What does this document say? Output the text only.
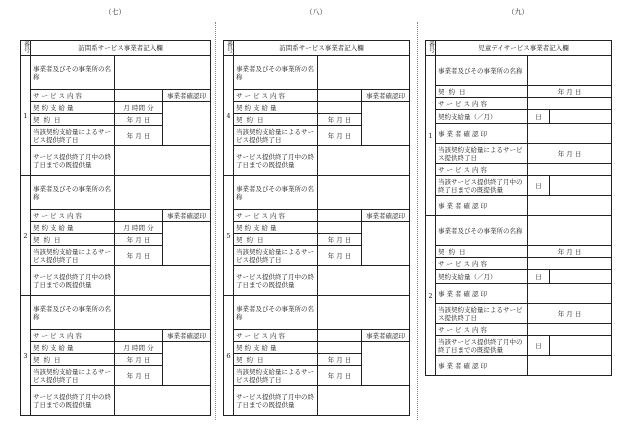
（七）	（八）	（九）
番号	訪問系サービス事業者記入欄		
1	事業者及びその事業所の名称		
	サービス内容		事業者確認印
	契約支給量	月 時間 分	
	契約日	年 月 日	
	当該契約支給量によるサービス提供終了日	年 月 日	
	サービス提供終了月中の終了日までの既提供量		
2	事業者及びその事業所の名称		
	サービス内容		事業者確認印
	契約支給量	月 時間 分	
	契約日	年 月 日	
	当該契約支給量によるサービス提供終了日	年 月 日	
	サービス提供終了月中の終了日までの既提供量		
3	事業者及びその事業所の名称		
	サービス内容		事業者確認印
	契約支給量	月 時間 分	
	契約日	年 月 日	
	当該契約支給量によるサービス提供終了日	年 月 日	
	サービス提供終了月中の終了日までの既提供量		
番号	訪問系サービス事業者記入欄		
4	事業者及びその事業所の名称		
	サービス内容		事業者確認印
	契約支給量		
	契約日	年 月 日	
	当該契約支給量によるサービス提供終了日	年 月 日	
	サービス提供終了月中の終了日までの既提供量		
5	事業者及びその事業所の名称		
	サービス内容		事業者確認印
	契約支給量		
	契約日	年 月 日	
	当該契約支給量によるサービス提供終了日	年 月 日	
	サービス提供終了月中の終了日までの既提供量		
6	事業者及びその事業所の名称		
	サービス内容		事業者確認印
	契約支給量		
	契約日	年 月 日	
	当該契約支給量によるサービス提供終了日	年 月 日	
	サービス提供終了月中の終了日までの既提供量		
番号	児童デイサービス事業者記入欄		
1	事業者及びその事業所の名称		
	契約日	年 月 日	
	サービス内容		
	契約支給量（／月）	日	
	事業者確認印		
	当該契約支給量によるサービス提供終了日	年 月 日	
	サービス内容		
	当該サービス提供終了月中の終了日までの既提供量	日	
	事業者確認印		
2	事業者及びその事業所の名称		
	契約日	年 月 日	
	サービス内容		
	契約支給量（／月）	日	
	事業者確認印		
	当該契約支給量によるサービス提供終了日	年 月 日	
	サービス内容		
	当該サービス提供終了月中の終了日までの既提供量	日	
	事業者確認印		
